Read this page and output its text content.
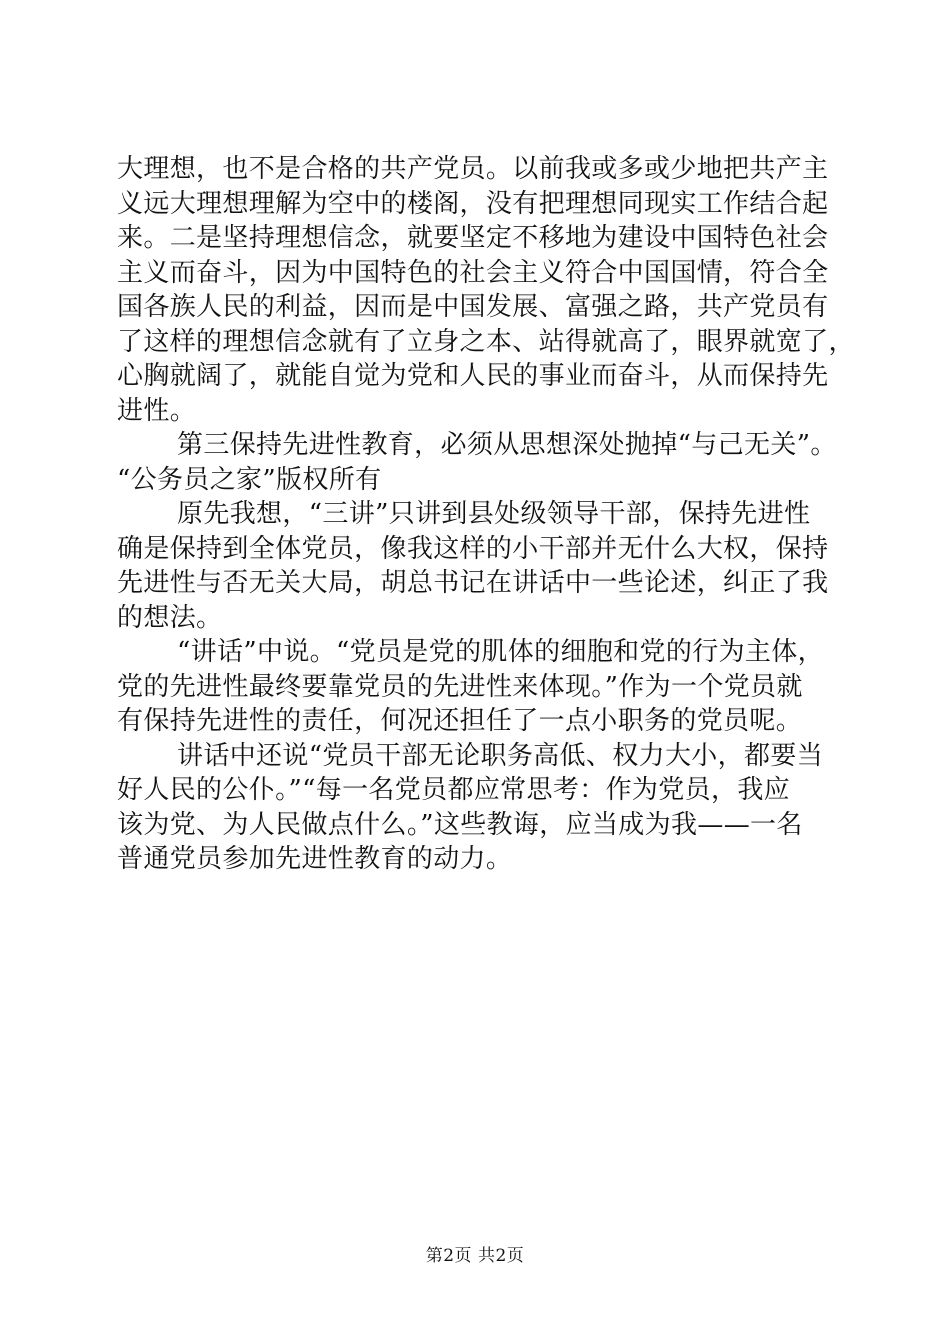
大理想，也不是合格的共产党员。以前我或多或少地把共产主
义远大理想理解为空中的楼阁，没有把理想同现实工作结合起
来。二是坚持理想信念，就要坚定不移地为建设中国特色社会
主义而奋斗，因为中国特色的社会主义符合中国国情，符合全
国各族人民的利益，因而是中国发展、富强之路，共产党员有
了这样的理想信念就有了立身之本、站得就高了，眼界就宽了，
心胸就阔了，就能自觉为党和人民的事业而奋斗，从而保持先
进性。
第三保持先进性教育，必须从思想深处抛掉“与己无关”。
“公务员之家”版权所有
原先我想，“三讲”只讲到县处级领导干部，保持先进性
确是保持到全体党员，像我这样的小干部并无什么大权，保持
先进性与否无关大局，胡总书记在讲话中一些论述，纠正了我
的想法。
“讲话”中说。“党员是党的肌体的细胞和党的行为主体，
党的先进性最终要靠党员的先进性来体现。”作为一个党员就
有保持先进性的责任，何况还担任了一点小职务的党员呢。
讲话中还说“党员干部无论职务高低、权力大小，都要当
好人民的公仆。”“每一名党员都应常思考：作为党员，我应
该为党、为人民做点什么。”这些教诲，应当成为我——一名
普通党员参加先进性教育的动力。
第2页 共2页
